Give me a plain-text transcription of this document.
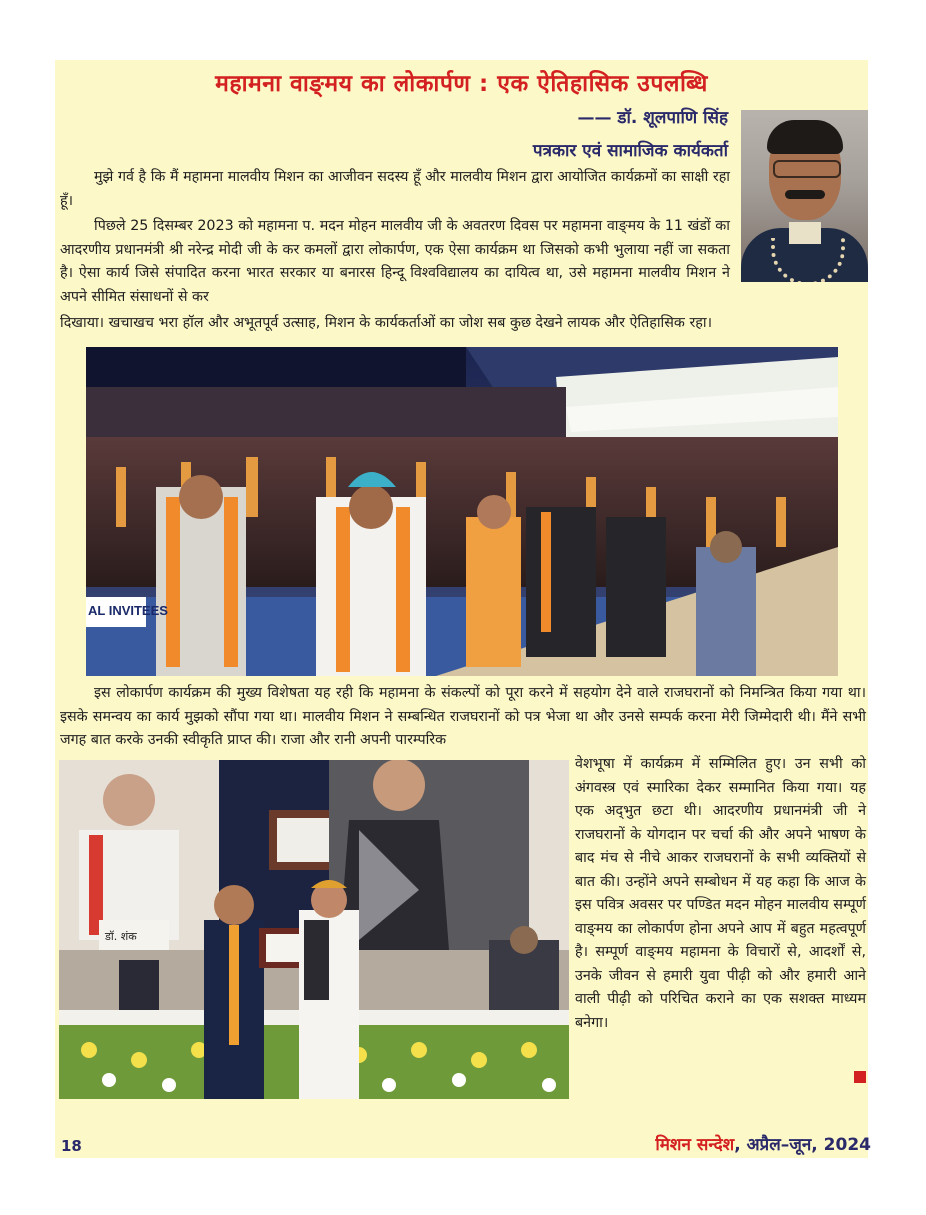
महामना वाङ्‌मय का लोकार्पण : एक ऐतिहासिक उपलब्धि
—— डॉ. शूलपाणि सिंह
पत्रकार एवं सामाजिक कार्यकर्ता

मुझे गर्व है कि मैं महामना मालवीय मिशन का आजीवन सदस्य हूँ और मालवीय मिशन द्वारा आयोजित कार्यक्रमों का साक्षी रहा हूँ।

पिछले 25 दिसम्बर 2023 को महामना प. मदन मोहन मालवीय जी के अवतरण दिवस पर महामना वाङ्‌मय के 11 खंडों का आदरणीय प्रधानमंत्री श्री नरेन्द्र मोदी जी के कर कमलों द्वारा लोकार्पण, एक ऐसा कार्यक्रम था जिसको कभी भुलाया नहीं जा सकता है। ऐसा कार्य जिसे संपादित करना भारत सरकार या बनारस हिन्दू विश्वविद्यालय का दायित्व था, उसे महामना मालवीय मिशन ने अपने सीमित संसाधनों से कर

दिखाया। खचाखच भरा हॉल और अभूतपूर्व उत्साह, मिशन के कार्यकर्ताओं का जोश सब कुछ देखने लायक और ऐतिहासिक रहा।

AL INVITEES

इस लोकार्पण कार्यक्रम की मुख्य विशेषता यह रही कि महामना के संकल्पों को पूरा करने में सहयोग देने वाले राजघरानों को निमन्त्रित किया गया था। इसके समन्वय का कार्य मुझको सौंपा गया था। मालवीय मिशन ने सम्बन्धित राजघरानों को पत्र भेजा था और उनसे सम्पर्क करना मेरी जिम्मेदारी थी। मैंने सभी जगह बात करके उनकी स्वीकृति प्राप्त की। राजा और रानी अपनी पारम्परिक

डॉ. शंक

वेशभूषा में कार्यक्रम में सम्मिलित हुए। उन सभी को अंगवस्त्र एवं स्मारिका देकर सम्मानित किया गया। यह एक अद्‌भुत छटा थी। आदरणीय प्रधानमंत्री जी ने राजघरानों के योगदान पर चर्चा की और अपने भाषण के बाद मंच से नीचे आकर राजघरानों के सभी व्यक्तियों से बात की। उन्होंने अपने सम्बोधन में यह कहा कि आज के इस पवित्र अवसर पर पण्डित मदन मोहन मालवीय सम्पूर्ण वाङ्‌मय का लोकार्पण होना अपने आप में बहुत महत्वपूर्ण है। सम्पूर्ण वाङ्‌मय महामना के विचारों से, आदर्शों से, उनके जीवन से हमारी युवा पीढ़ी को और हमारी आने वाली पीढ़ी को परिचित कराने का एक सशक्त माध्यम बनेगा।

18	मिशन सन्देश, अप्रैल–जून, 2024
